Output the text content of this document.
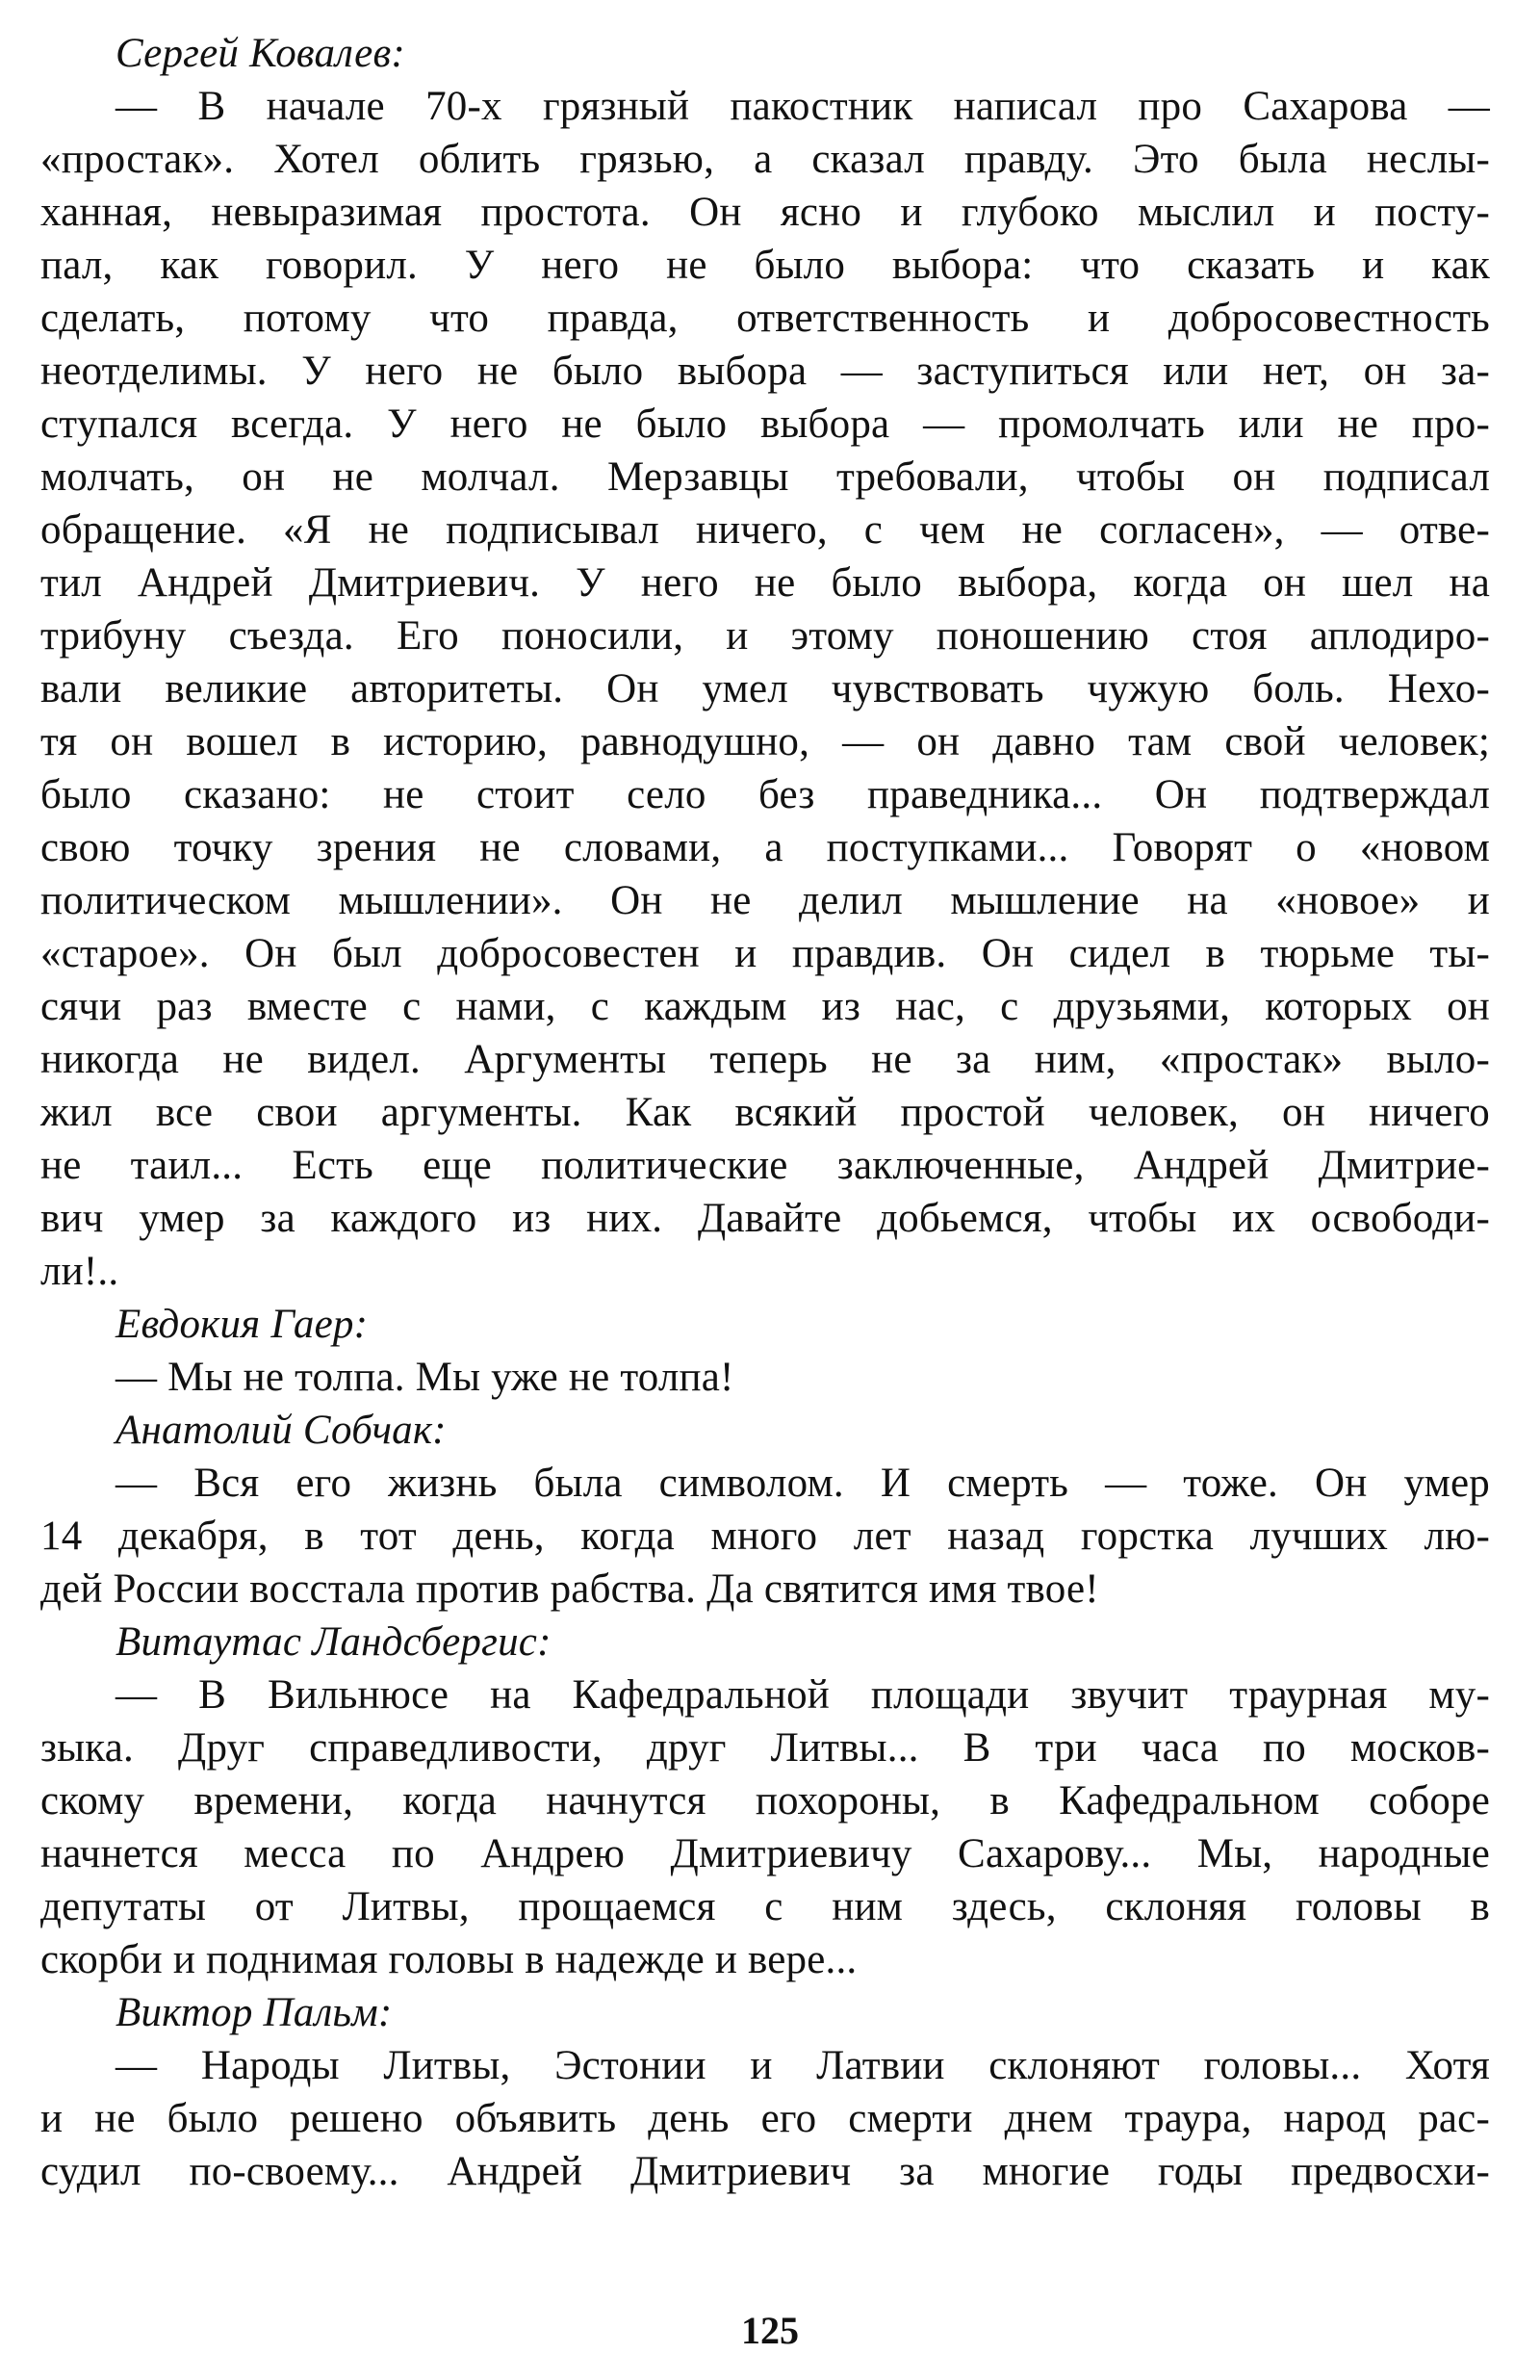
Сергей Ковалев:
— В начале 70-х грязный пакостник написал про Сахарова —
«простак». Хотел облить грязью, а сказал правду. Это была неслы-
ханная, невыразимая простота. Он ясно и глубоко мыслил и посту-
пал, как говорил. У него не было выбора: что сказать и как
сделать, потому что правда, ответственность и добросовестность
неотделимы. У него не было выбора — заступиться или нет, он за-
ступался всегда. У него не было выбора — промолчать или не про-
молчать, он не молчал. Мерзавцы требовали, чтобы он подписал
обращение. «Я не подписывал ничего, с чем не согласен», — отве-
тил Андрей Дмитриевич. У него не было выбора, когда он шел на
трибуну съезда. Его поносили, и этому поношению стоя аплодиро-
вали великие авторитеты. Он умел чувствовать чужую боль. Нехо-
тя он вошел в историю, равнодушно, — он давно там свой человек;
было сказано: не стоит село без праведника... Он подтверждал
свою точку зрения не словами, а поступками... Говорят о «новом
политическом мышлении». Он не делил мышление на «новое» и
«старое». Он был добросовестен и правдив. Он сидел в тюрьме ты-
сячи раз вместе с нами, с каждым из нас, с друзьями, которых он
никогда не видел. Аргументы теперь не за ним, «простак» выло-
жил все свои аргументы. Как всякий простой человек, он ничего
не таил... Есть еще политические заключенные, Андрей Дмитрие-
вич умер за каждого из них. Давайте добьемся, чтобы их освободи-
ли!..
Евдокия Гаер:
— Мы не толпа. Мы уже не толпа!
Анатолий Собчак:
— Вся его жизнь была символом. И смерть — тоже. Он умер
14 декабря, в тот день, когда много лет назад горстка лучших лю-
дей России восстала против рабства. Да святится имя твое!
Витаутас Ландсбергис:
— В Вильнюсе на Кафедральной площади звучит траурная му-
зыка. Друг справедливости, друг Литвы... В три часа по москов-
скому времени, когда начнутся похороны, в Кафедральном соборе
начнется месса по Андрею Дмитриевичу Сахарову... Мы, народные
депутаты от Литвы, прощаемся с ним здесь, склоняя головы в
скорби и поднимая головы в надежде и вере...
Виктор Пальм:
— Народы Литвы, Эстонии и Латвии склоняют головы... Хотя
и не было решено объявить день его смерти днем траура, народ рас-
судил по-своему... Андрей Дмитриевич за многие годы предвосхи-
125
